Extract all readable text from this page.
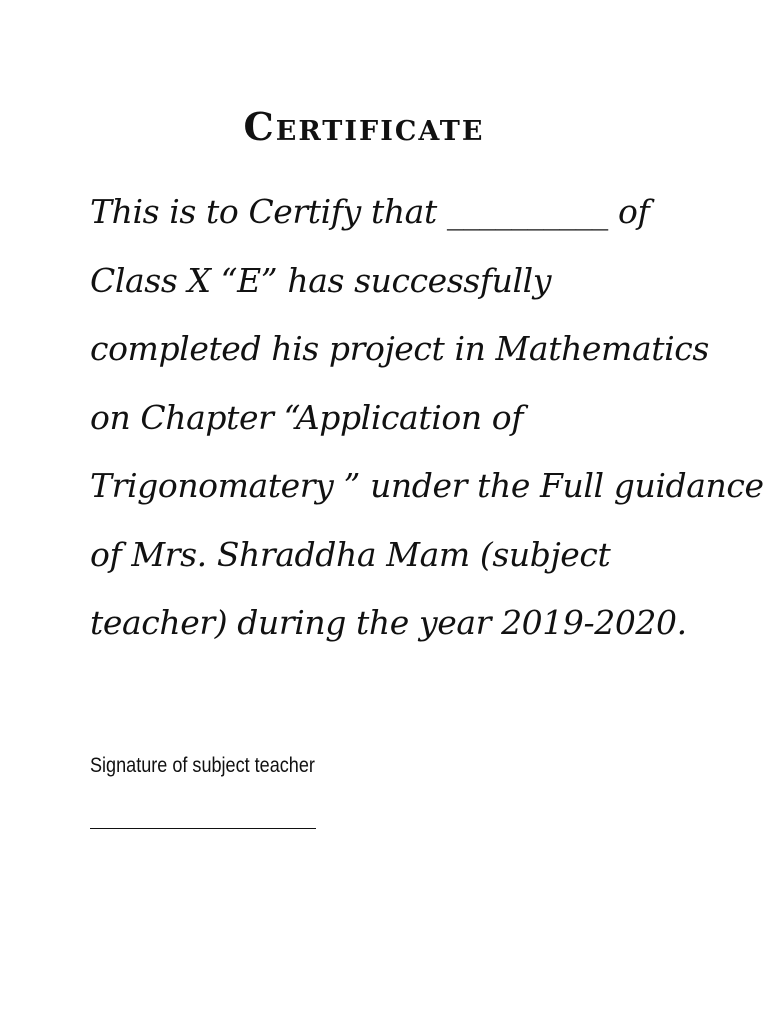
Certificate
This is to Certify that __________ of
Class X “E” has successfully
completed his project in Mathematics
on Chapter “Application of
Trigonomatery ” under the Full guidance
of Mrs. Shraddha Mam (subject
teacher) during the year 2019-2020.
Signature of subject teacher
